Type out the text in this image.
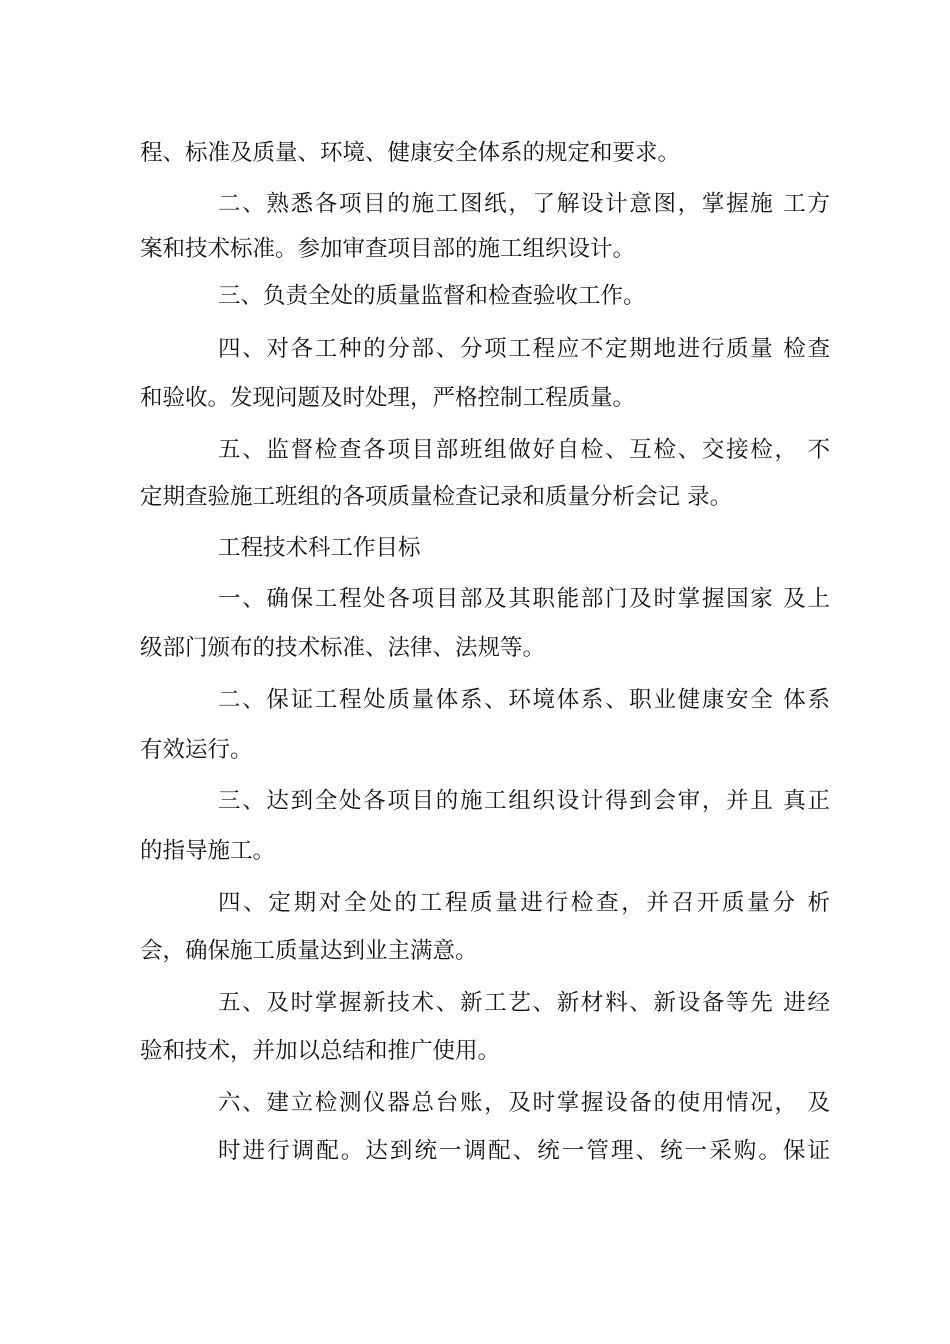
程、标准及质量、环境、健康安全体系的规定和要求。
二、熟悉各项目的施工图纸，了解设计意图，掌握施 工方
案和技术标准。参加审查项目部的施工组织设计。
三、负责全处的质量监督和检查验收工作。
四、对各工种的分部、分项工程应不定期地进行质量 检查
和验收。发现问题及时处理，严格控制工程质量。
五、监督检查各项目部班组做好自检、互检、交接检， 不
定期查验施工班组的各项质量检查记录和质量分析会记 录。
工程技术科工作目标
一、确保工程处各项目部及其职能部门及时掌握国家 及上
级部门颁布的技术标准、法律、法规等。
二、保证工程处质量体系、环境体系、职业健康安全 体系
有效运行。
三、达到全处各项目的施工组织设计得到会审，并且 真正
的指导施工。
四、定期对全处的工程质量进行检查，并召开质量分 析
会，确保施工质量达到业主满意。
五、及时掌握新技术、新工艺、新材料、新设备等先 进经
验和技术，并加以总结和推广使用。
六、建立检测仪器总台账，及时掌握设备的使用情况， 及
时进行调配。达到统一调配、统一管理、统一采购。保证
